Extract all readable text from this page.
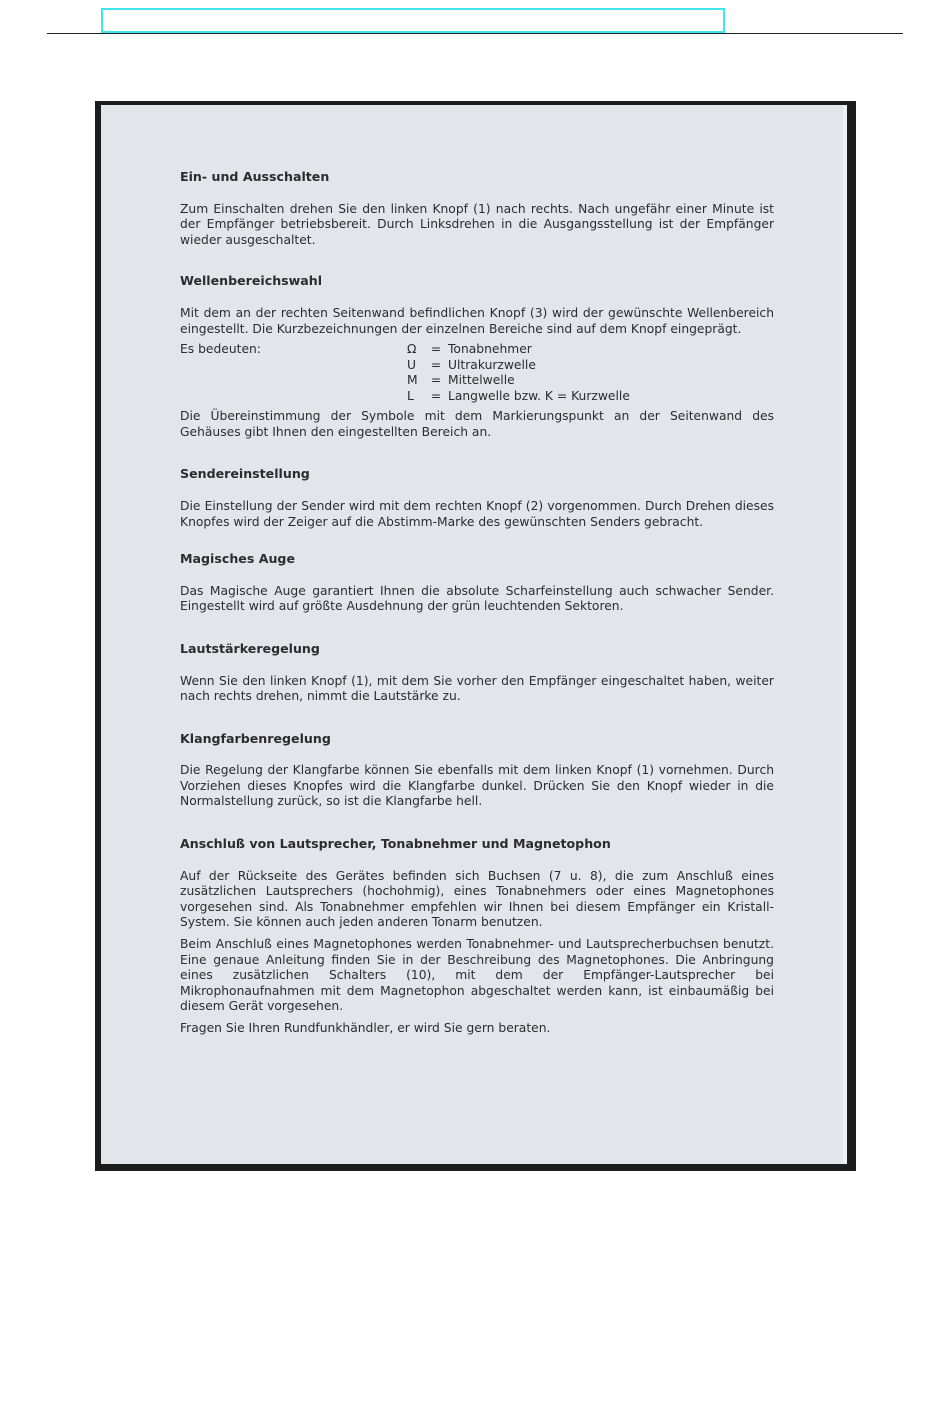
Ein- und Ausschalten

Zum Einschalten drehen Sie den linken Knopf (1) nach rechts. Nach ungefähr einer Minute ist der Empfänger betriebsbereit. Durch Linksdrehen in die Ausgangsstellung ist der Empfänger wieder ausgeschaltet.

Wellenbereichswahl

Mit dem an der rechten Seitenwand befindlichen Knopf (3) wird der gewünschte Wellenbereich eingestellt. Die Kurzbezeichnungen der einzelnen Bereiche sind auf dem Knopf eingeprägt.

Es bedeuten:	Ω = Tonabnehmer
U = Ultrakurzwelle
M = Mittelwelle
L = Langwelle bzw. K = Kurzwelle

Die Übereinstimmung der Symbole mit dem Markierungspunkt an der Seitenwand des Gehäuses gibt Ihnen den eingestellten Bereich an.

Sendereinstellung

Die Einstellung der Sender wird mit dem rechten Knopf (2) vorgenommen. Durch Drehen dieses Knopfes wird der Zeiger auf die Abstimm-Marke des gewünschten Senders gebracht.

Magisches Auge

Das Magische Auge garantiert Ihnen die absolute Scharfeinstellung auch schwacher Sender. Eingestellt wird auf größte Ausdehnung der grün leuchtenden Sektoren.

Lautstärkeregelung

Wenn Sie den linken Knopf (1), mit dem Sie vorher den Empfänger eingeschaltet haben, weiter nach rechts drehen, nimmt die Lautstärke zu.

Klangfarbenregelung

Die Regelung der Klangfarbe können Sie ebenfalls mit dem linken Knopf (1) vornehmen. Durch Vorziehen dieses Knopfes wird die Klangfarbe dunkel. Drücken Sie den Knopf wieder in die Normalstellung zurück, so ist die Klangfarbe hell.

Anschluß von Lautsprecher, Tonabnehmer und Magnetophon

Auf der Rückseite des Gerätes befinden sich Buchsen (7 u. 8), die zum Anschluß eines zusätzlichen Lautsprechers (hochohmig), eines Tonabnehmers oder eines Magnetophones vorgesehen sind. Als Tonabnehmer empfehlen wir Ihnen bei diesem Empfänger ein Kristall-System. Sie können auch jeden anderen Tonarm benutzen.

Beim Anschluß eines Magnetophones werden Tonabnehmer- und Lautsprecherbuchsen benutzt. Eine genaue Anleitung finden Sie in der Beschreibung des Magnetophones. Die Anbringung eines zusätzlichen Schalters (10), mit dem der Empfänger-Lautsprecher bei Mikrophonaufnahmen mit dem Magnetophon abgeschaltet werden kann, ist einbaumäßig bei diesem Gerät vorgesehen.

Fragen Sie Ihren Rundfunkhändler, er wird Sie gern beraten.
